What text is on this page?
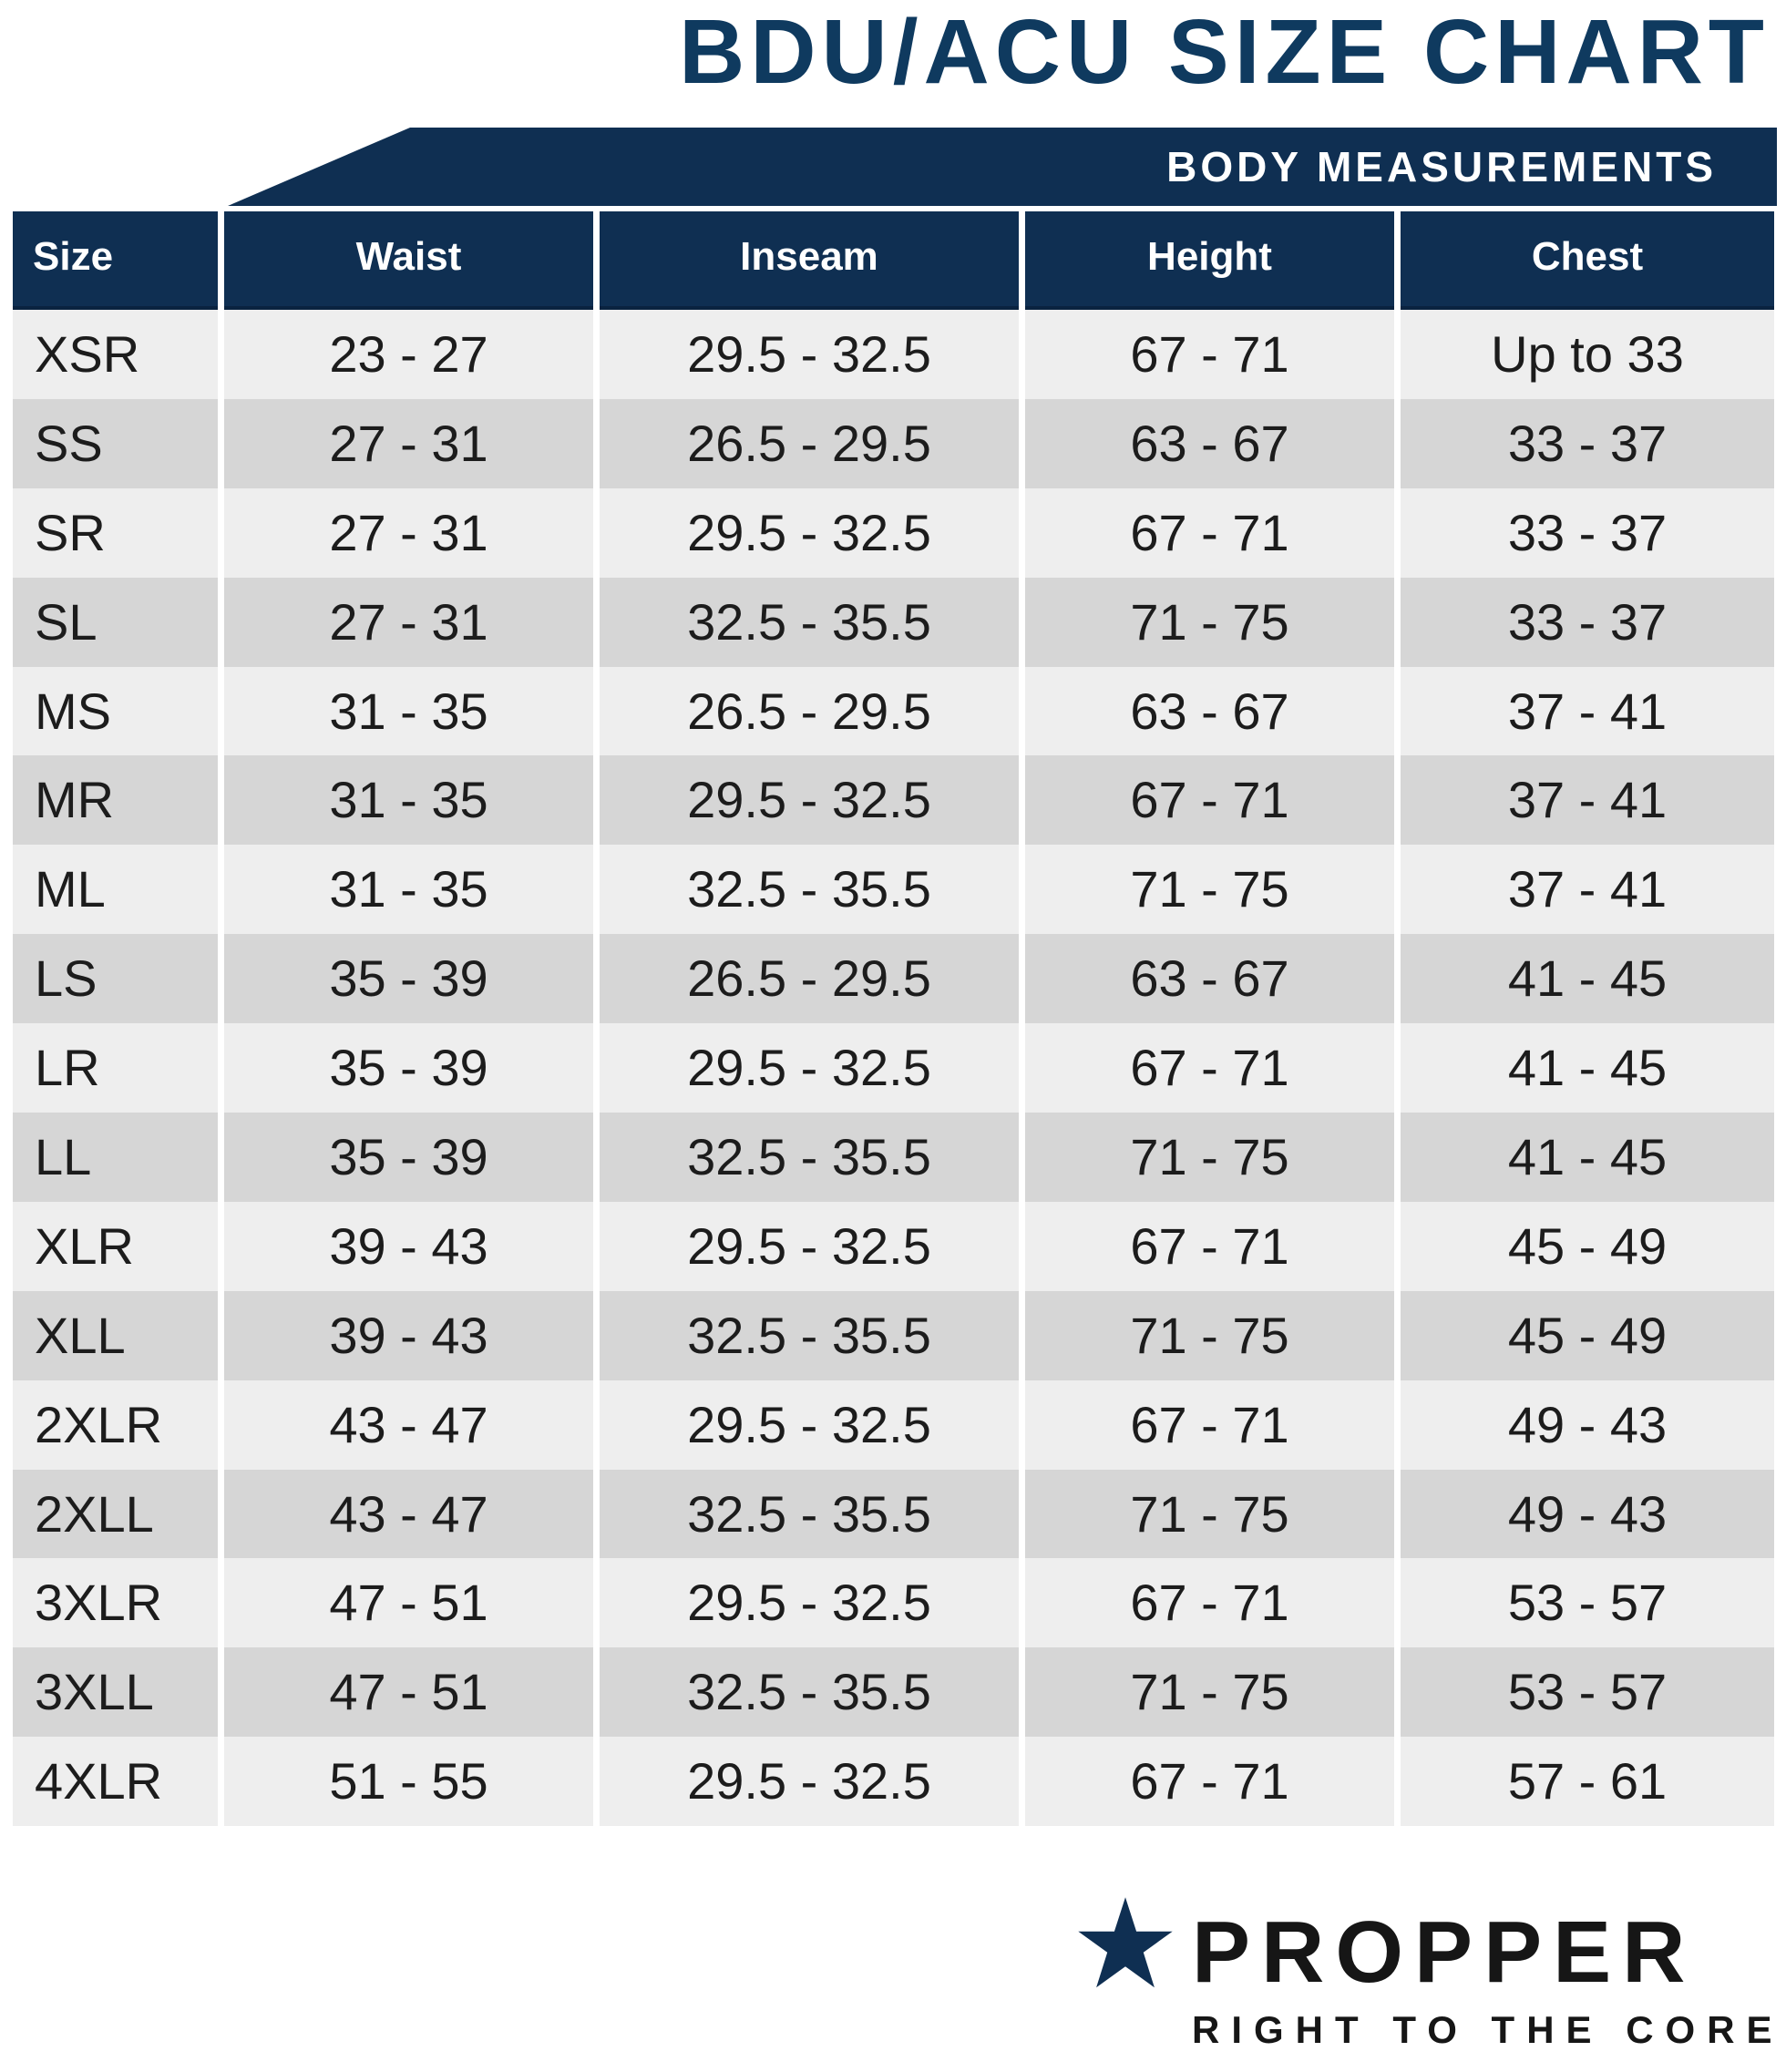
BDU/ACU SIZE CHART
BODY MEASUREMENTS
Size	Waist	Inseam	Height	Chest
XSR	23 - 27	29.5 - 32.5	67 - 71	Up to 33
SS	27 - 31	26.5 - 29.5	63 - 67	33 - 37
SR	27 - 31	29.5 - 32.5	67 - 71	33 - 37
SL	27 - 31	32.5 - 35.5	71 - 75	33 - 37
MS	31 - 35	26.5 - 29.5	63 - 67	37 - 41
MR	31 - 35	29.5 - 32.5	67 - 71	37 - 41
ML	31 - 35	32.5 - 35.5	71 - 75	37 - 41
LS	35 - 39	26.5 - 29.5	63 - 67	41 - 45
LR	35 - 39	29.5 - 32.5	67 - 71	41 - 45
LL	35 - 39	32.5 - 35.5	71 - 75	41 - 45
XLR	39 - 43	29.5 - 32.5	67 - 71	45 - 49
XLL	39 - 43	32.5 - 35.5	71 - 75	45 - 49
2XLR	43 - 47	29.5 - 32.5	67 - 71	49 - 43
2XLL	43 - 47	32.5 - 35.5	71 - 75	49 - 43
3XLR	47 - 51	29.5 - 32.5	67 - 71	53 - 57
3XLL	47 - 51	32.5 - 35.5	71 - 75	53 - 57
4XLR	51 - 55	29.5 - 32.5	67 - 71	57 - 61
PROPPER
RIGHT TO THE CORE
